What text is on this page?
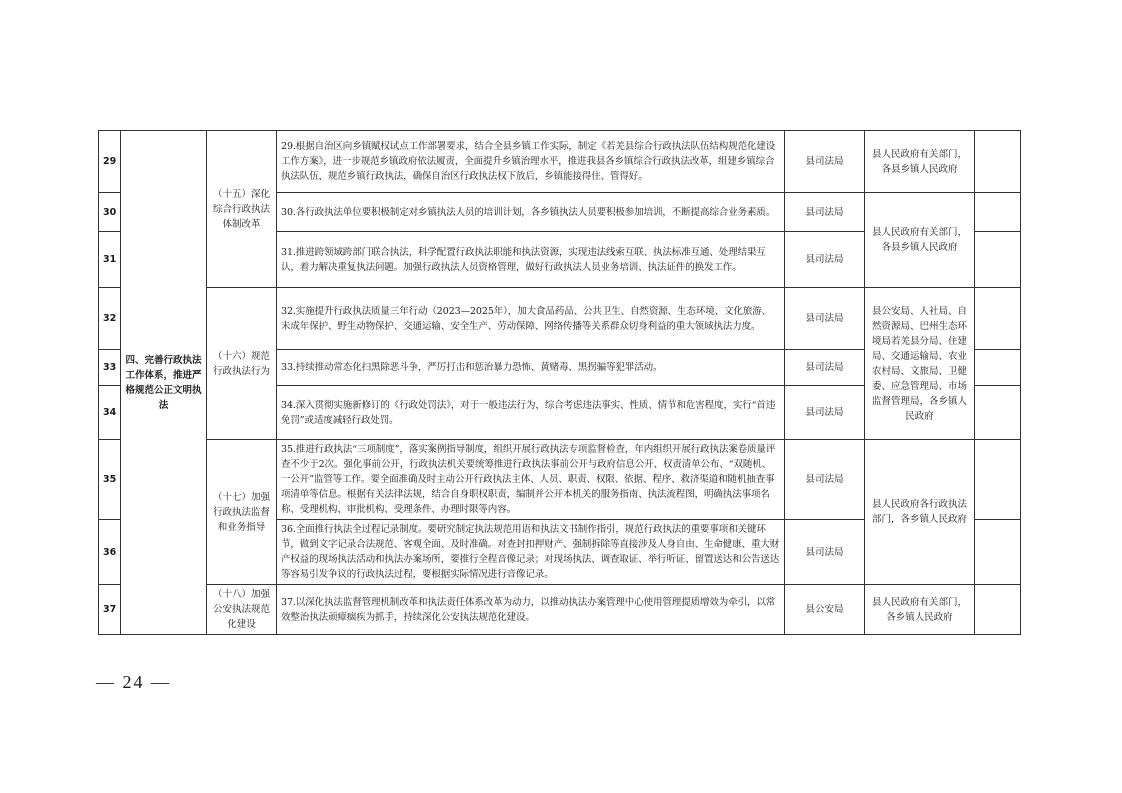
29	四、完善行政执法工作体系，推进严格规范公正文明执法	（十五）深化综合行政执法体制改革	29.根据自治区向乡镇赋权试点工作部署要求，结合全县乡镇工作实际，制定《若羌县综合行政执法队伍结构规范化建设工作方案》，进一步规范乡镇政府依法履责，全面提升乡镇治理水平，推进我县各乡镇综合行政执法改革，组建乡镇综合执法队伍，规范乡镇行政执法，确保自治区行政执法权下放后，乡镇能接得住、管得好。	县司法局	县人民政府有关部门，各县乡镇人民政府	
30			30.各行政执法单位要积极制定对乡镇执法人员的培训计划，各乡镇执法人员要积极参加培训，不断提高综合业务素质。	县司法局	县人民政府有关部门，各县乡镇人民政府	
31			31.推进跨领域跨部门联合执法，科学配置行政执法职能和执法资源，实现违法线索互联、执法标准互通、处理结果互认，着力解决重复执法问题。加强行政执法人员资格管理，做好行政执法人员业务培训、执法证件的换发工作。	县司法局		
32		（十六）规范行政执法行为	32.实施提升行政执法质量三年行动（2023—2025年），加大食品药品、公共卫生、自然资源、生态环境、文化旅游、未成年保护、野生动物保护、交通运输、安全生产、劳动保障、网络传播等关系群众切身利益的重大领域执法力度。	县司法局	县公安局、人社局、自然资源局、巴州生态环境局若羌县分局、住建局、交通运输局、农业农村局、文旅局、卫健委、应急管理局、市场监督管理局，各乡镇人民政府	
33			33.持续推动常态化扫黑除恶斗争，严厉打击和惩治暴力恐怖、黄赌毒、黑拐骗等犯罪活动。	县司法局		
34			34.深入贯彻实施新修订的《行政处罚法》，对于一般违法行为，综合考虑违法事实、性质、情节和危害程度，实行“首违免罚”或适度减轻行政处罚。	县司法局		
35		（十七）加强行政执法监督和业务指导	35.推进行政执法“三项制度”，落实案例指导制度，组织开展行政执法专项监督检查，年内组织开展行政执法案卷质量评查不少于2次。强化事前公开，行政执法机关要统筹推进行政执法事前公开与政府信息公开、权责清单公布、“双随机、一公开”监管等工作。要全面准确及时主动公开行政执法主体、人员、职责、权限、依据、程序、救济渠道和随机抽查事项清单等信息。根据有关法律法规，结合自身职权职责，编制并公开本机关的服务指南、执法流程图，明确执法事项名称、受理机构、审批机构、受理条件、办理时限等内容。	县司法局	县人民政府各行政执法部门，各乡镇人民政府	
36			36.全面推行执法全过程记录制度。要研究制定执法规范用语和执法文书制作指引，规范行政执法的重要事项和关键环节，做到文字记录合法规范、客观全面、及时准确。对查封扣押财产、强制拆除等直接涉及人身自由、生命健康、重大财产权益的现场执法活动和执法办案场所，要推行全程音像记录；对现场执法、调查取证、举行听证、留置送达和公告送达等容易引发争议的行政执法过程，要根据实际情况进行音像记录。	县司法局		
37		（十八）加强公安执法规范化建设	37.以深化执法监督管理机制改革和执法责任体系改革为动力，以推动执法办案管理中心使用管理提质增效为牵引，以常效整治执法顽瘴痼疾为抓手，持续深化公安执法规范化建设。	县公安局	县人民政府有关部门，各乡镇人民政府	
— 24 —
